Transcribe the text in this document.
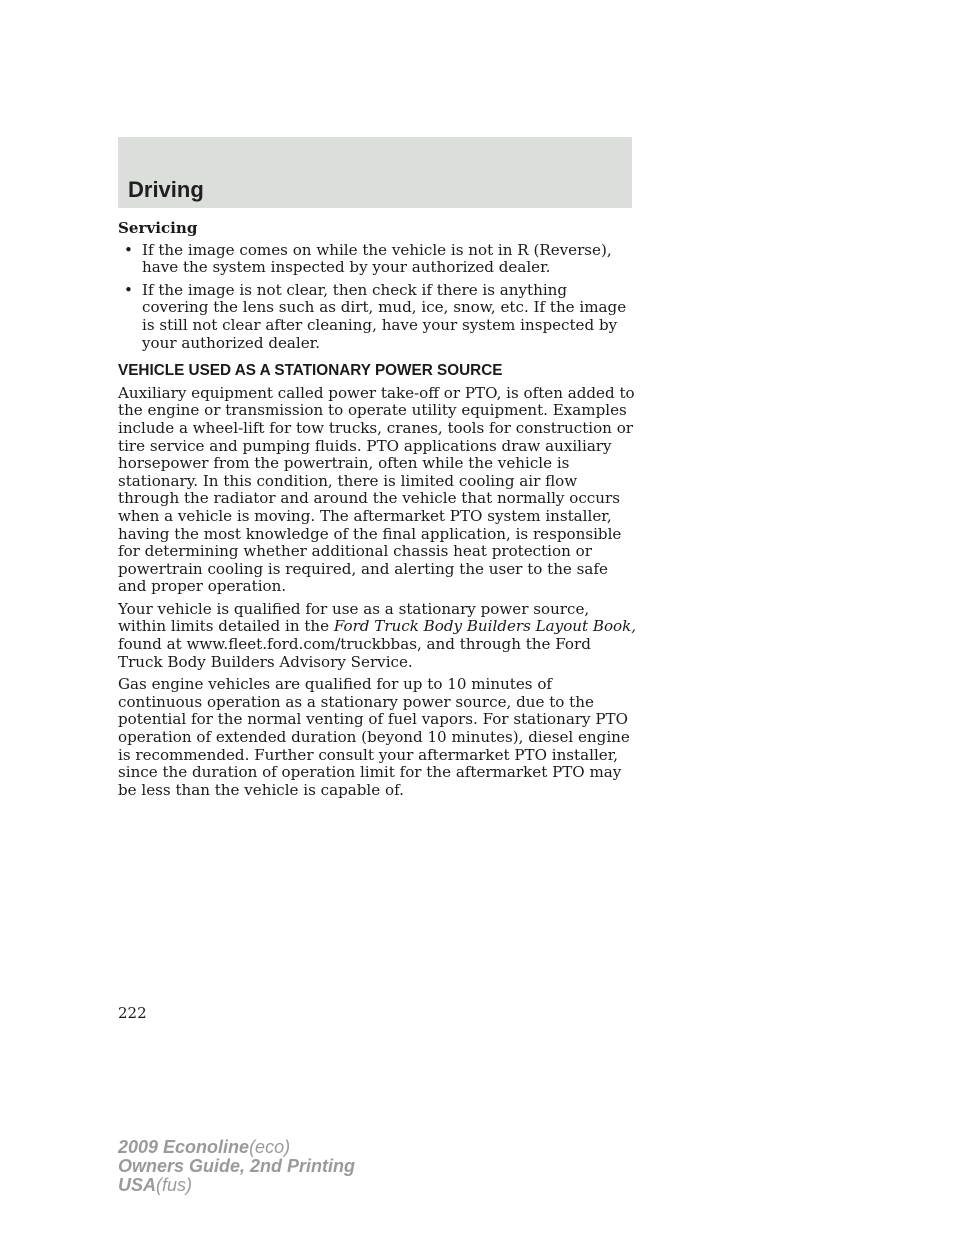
Driving
Servicing
• If the image comes on while the vehicle is not in R (Reverse), have the system inspected by your authorized dealer.
• If the image is not clear, then check if there is anything covering the lens such as dirt, mud, ice, snow, etc. If the image is still not clear after cleaning, have your system inspected by your authorized dealer.
VEHICLE USED AS A STATIONARY POWER SOURCE

Auxiliary equipment called power take-off or PTO, is often added to the engine or transmission to operate utility equipment. Examples include a wheel-lift for tow trucks, cranes, tools for construction or tire service and pumping fluids. PTO applications draw auxiliary horsepower from the powertrain, often while the vehicle is stationary. In this condition, there is limited cooling air flow through the radiator and around the vehicle that normally occurs when a vehicle is moving. The aftermarket PTO system installer, having the most knowledge of the final application, is responsible for determining whether additional chassis heat protection or powertrain cooling is required, and alerting the user to the safe and proper operation.

Your vehicle is qualified for use as a stationary power source, within limits detailed in the Ford Truck Body Builders Layout Book, found at www.fleet.ford.com/truckbbas, and through the Ford Truck Body Builders Advisory Service.

Gas engine vehicles are qualified for up to 10 minutes of continuous operation as a stationary power source, due to the potential for the normal venting of fuel vapors. For stationary PTO operation of extended duration (beyond 10 minutes), diesel engine is recommended. Further consult your aftermarket PTO installer, since the duration of operation limit for the aftermarket PTO may be less than the vehicle is capable of.

222
2009 Econoline(eco)
Owners Guide, 2nd Printing
USA(fus)
